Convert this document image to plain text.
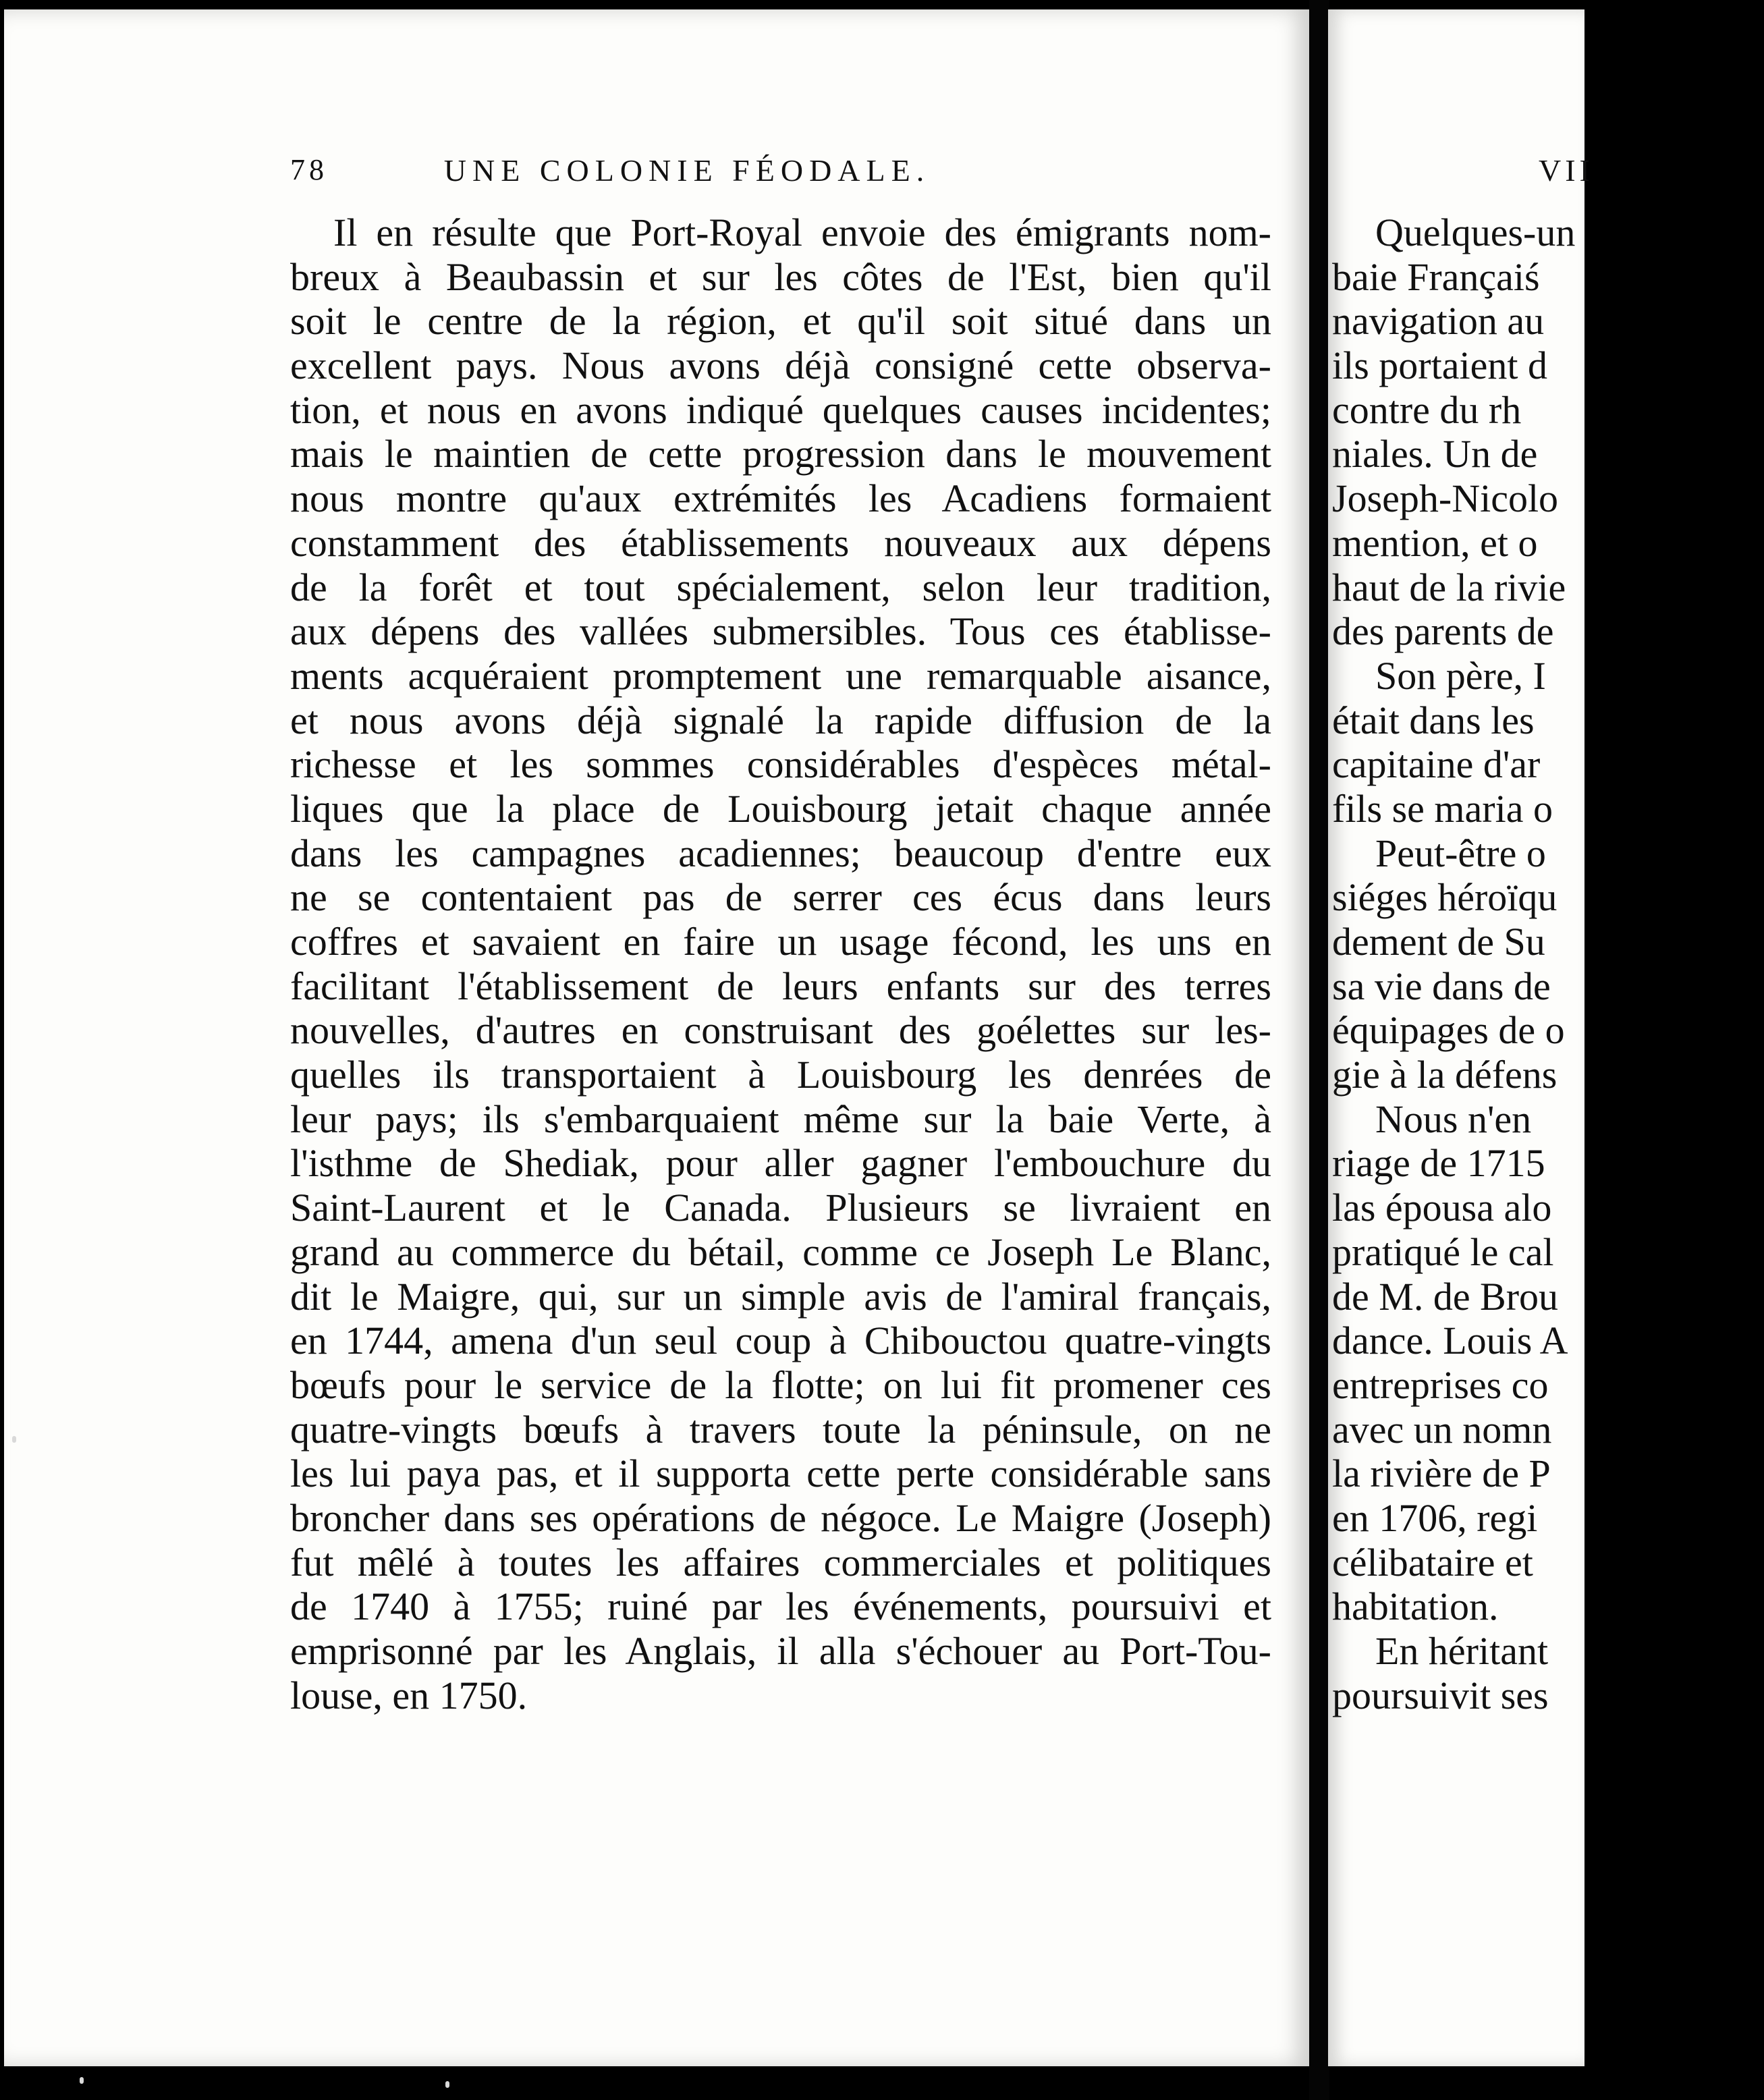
78	UNE COLONIE FÉODALE.
Il en résulte que Port-Royal envoie des émigrants nom-
breux à Beaubassin et sur les côtes de l'Est, bien qu'il
soit le centre de la région, et qu'il soit situé dans un
excellent pays. Nous avons déjà consigné cette observa-
tion, et nous en avons indiqué quelques causes incidentes;
mais le maintien de cette progression dans le mouvement
nous montre qu'aux extrémités les Acadiens formaient
constamment des établissements nouveaux aux dépens
de la forêt et tout spécialement, selon leur tradition,
aux dépens des vallées submersibles. Tous ces établisse-
ments acquéraient promptement une remarquable aisance,
et nous avons déjà signalé la rapide diffusion de la
richesse et les sommes considérables d'espèces métal-
liques que la place de Louisbourg jetait chaque année
dans les campagnes acadiennes; beaucoup d'entre eux
ne se contentaient pas de serrer ces écus dans leurs
coffres et savaient en faire un usage fécond, les uns en
facilitant l'établissement de leurs enfants sur des terres
nouvelles, d'autres en construisant des goélettes sur les-
quelles ils transportaient à Louisbourg les denrées de
leur pays; ils s'embarquaient même sur la baie Verte, à
l'isthme de Shediak, pour aller gagner l'embouchure du
Saint-Laurent et le Canada. Plusieurs se livraient en
grand au commerce du bétail, comme ce Joseph Le Blanc,
dit le Maigre, qui, sur un simple avis de l'amiral français,
en 1744, amena d'un seul coup à Chibouctou quatre-vingts
bœufs pour le service de la flotte; on lui fit promener ces
quatre-vingts bœufs à travers toute la péninsule, on ne
les lui paya pas, et il supporta cette perte considérable sans
broncher dans ses opérations de négoce. Le Maigre (Joseph)
fut mêlé à toutes les affaires commerciales et politiques
de 1740 à 1755; ruiné par les événements, poursuivi et
emprisonné par les Anglais, il alla s'échouer au Port-Tou-
louse, en 1750.
VII
Quelques-un
baie Françaiś
navigation au
ils portaient d
contre du rh
niales. Un de
Joseph-Nicolo
mention, et o
haut de la rivie
des parents de
Son père, I
était dans les
capitaine d'ar
fils se maria o
Peut-être o
siéges héroïqu
dement de Su
sa vie dans de
équipages de o
gie à la défens
Nous n'en
riage de 1715
las épousa alo
pratiqué le cal
de M. de Brou
dance. Louis A
entreprises co
avec un nomn
la rivière de P
en 1706, regi
célibataire et
habitation.
En héritant
poursuivit ses
